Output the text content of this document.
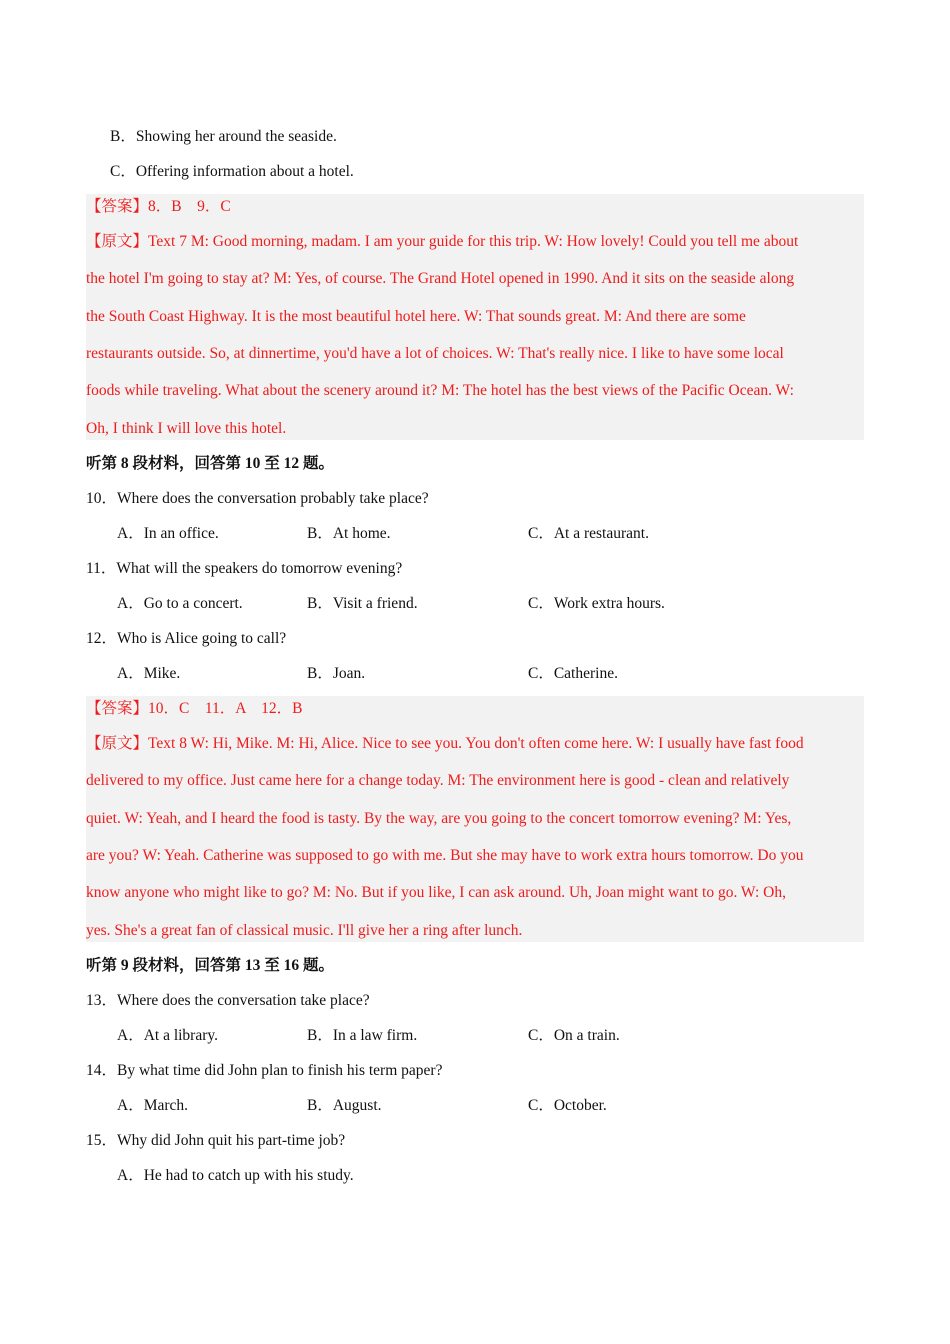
B．Showing her around the seaside.
C．Offering information about a hotel.
【答案】8．B　9．C
【原文】Text 7 M: Good morning, madam. I am your guide for this trip. W: How lovely! Could you tell me about
the hotel I'm going to stay at? M: Yes, of course. The Grand Hotel opened in 1990. And it sits on the seaside along
the South Coast Highway. It is the most beautiful hotel here. W: That sounds great. M: And there are some
restaurants outside. So, at dinnertime, you'd have a lot of choices. W: That's really nice. I like to have some local
foods while traveling. What about the scenery around it? M: The hotel has the best views of the Pacific Ocean. W:
Oh, I think I will love this hotel.
听第 8 段材料，回答第 10 至 12 题。
10．Where does the conversation probably take place?
A．In an office.	B．At home.	C．At a restaurant.
11．What will the speakers do tomorrow evening?
A．Go to a concert.	B．Visit a friend.	C．Work extra hours.
12．Who is Alice going to call?
A．Mike.	B．Joan.	C．Catherine.
【答案】10．C　11．A　12．B
【原文】Text 8 W: Hi, Mike. M: Hi, Alice. Nice to see you. You don't often come here. W: I usually have fast food
delivered to my office. Just came here for a change today. M: The environment here is good - clean and relatively
quiet. W: Yeah, and I heard the food is tasty. By the way, are you going to the concert tomorrow evening? M: Yes,
are you? W: Yeah. Catherine was supposed to go with me. But she may have to work extra hours tomorrow. Do you
know anyone who might like to go? M: No. But if you like, I can ask around. Uh, Joan might want to go. W: Oh,
yes. She's a great fan of classical music. I'll give her a ring after lunch.
听第 9 段材料，回答第 13 至 16 题。
13．Where does the conversation take place?
A．At a library.	B．In a law firm.	C．On a train.
14．By what time did John plan to finish his term paper?
A．March.	B．August.	C．October.
15．Why did John quit his part-time job?
A．He had to catch up with his study.
